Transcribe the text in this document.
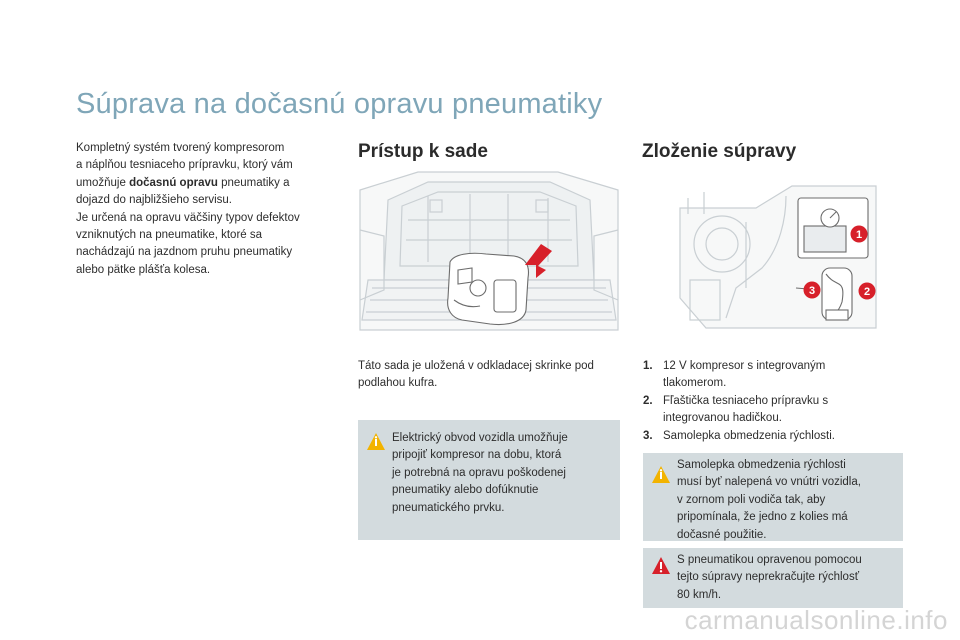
Súprava na dočasnú opravu pneumatiky
Kompletný systém tvorený kompresorom
a náplňou tesniaceho prípravku, ktorý vám
umožňuje dočasnú opravu pneumatiky a
dojazd do najbližšieho servisu.
Je určená na opravu väčšiny typov defektov
vzniknutých na pneumatike, ktoré sa
nachádzajú na jazdnom pruhu pneumatiky
alebo pätke plášťa kolesa.
Prístup k sade
Táto sada je uložená v odkladacej skrinke pod
podlahou kufra.
Elektrický obvod vozidla umožňuje
pripojiť kompresor na dobu, ktorá
je potrebná na opravu poškodenej
pneumatiky alebo dofúknutie
pneumatického prvku.
Zloženie súpravy
1
2
3
1. 12 V kompresor s integrovaným
tlakomerom.
2. Fľaštička tesniaceho prípravku s
integrovanou hadičkou.
3. Samolepka obmedzenia rýchlosti.
Samolepka obmedzenia rýchlosti
musí byť nalepená vo vnútri vozidla,
v zornom poli vodiča tak, aby
pripomínala, že jedno z kolies má
dočasné použitie.
S pneumatikou opravenou pomocou
tejto súpravy neprekračujte rýchlosť
80 km/h.
carmanualsonline.info
